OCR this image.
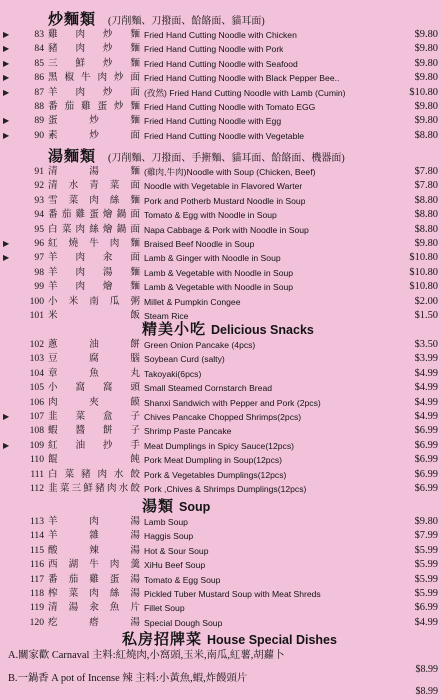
炒麵類 (刀削麵、刀撥面、餄餎面、貓耳面)
▶	83 雞 肉 炒 麵 Fried Hand Cutting Noodle with Chicken	$9.80
▶	84 豬 肉 炒 麵 Fried Hand Cutting Noodle with Pork	$9.80
▶	85 三 鮮 炒 麵 Fried Hand Cutting Noodle with Seafood	$9.80
▶	86 黑椒牛肉炒面 Fried Hand Cutting Noodle with Black Pepper Bee..	$9.80
▶	87 羊 肉 炒 面 (孜然) Fried Hand Cutting Noodle with Lamb (Cumin)	$10.80
88 番茄雞蛋炒麵 Fried Hand Cutting Noodle with Tomato EGG	$9.80
▶	89 蛋 炒 麵 Fried Hand Cutting Noodle with Egg	$9.80
▶	90 素 炒 面 Fried Hand Cutting Noodle with Vegetable	$8.80
湯麵類 (刀削麵、刀撥面、手搟麵、貓耳面、餄餎面、機器面)
91 清 湯 麵 (雞肉,牛肉)Noodle with Soup (Chicken, Beef)	$7.80
92 清水青菜面 Noodle with Vegetable in Flavored Warter	$7.80
93 雪菜肉絲麵 Pork and Potherb Mustard Noodle in Soup	$8.80
94 番茄雞蛋燴鍋面 Tomato & Egg with Noodle in Soup	$8.80
95 白菜肉絲燴鍋面 Napa Cabbage & Pork with Noodle in Soup	$8.80
▶	96 紅燒牛肉麵 Braised Beef Noodle in Soup	$9.80
▶	97 羊 肉 汆 面 Lamb & Ginger with Noodle in Soup	$10.80
98 羊 肉 湯 麵 Lamb & Vegetable with Noodle in Soup	$10.80
99 羊 肉 燴 麵 Lamb & Vegetable with Noodle in Soup	$10.80
100 小米南瓜粥 Millet & Pumpkin Congee	$2.00
101 米 飯 Steam Rice	$1.50
精美小吃 Delicious Snacks
102 蔥 油 餅 Green Onion Pancake (4pcs)	$3.50
103 豆 腐 腦 Soybean Curd (salty)	$3.99
104 章 魚 丸 Takoyaki(6pcs)	$4.99
105 小 窩 窩 頭 Small Steamed Cornstarch Bread	$4.99
106 肉 夾 饃 Shanxi Sandwich with Pepper and Pork (2pcs)	$4.99
▶	107 韭 菜 盒 子 Chives Pancake Chopped Shrimps(2pcs)	$4.99
108 蝦 醬 餅 子 Shrimp Paste Pancake	$6.99
▶	109 紅 油 抄 手 Meat Dumplings in Spicy Sauce(12pcs)	$6.99
110 餛 飩 Pork Meat Dumpling in Soup(12pcs)	$6.99
111 白菜豬肉水餃 Pork & Vegetables Dumplings(12pcs)	$6.99
112 韭菜三鮮豬肉水餃 Pork ,Chives & Shrimps Dumplings(12pcs)	$6.99
湯類 Soup
113 羊 肉 湯 Lamb Soup	$9.80
114 羊 雜 湯 Haggis Soup	$7.99
115 酸 辣 湯 Hot & Sour Soup	$5.99
116 西湖牛肉羹 XiHu Beef Soup	$5.99
117 番茄雞蛋湯 Tomato & Egg Soup	$5.99
118 榨菜肉絲湯 Pickled Tuber Mustard Soup with Meat Shreds	$5.99
119 清 湯 汆 魚 片 Fillet Soup	$6.99
120 疙 瘩 湯 Special Dough Soup	$4.99
私房招牌菜 House Special Dishes
A.關家歡 Carnaval 主料:紅燒肉,小窩頭,玉米,南瓜,紅薯,胡蘿卜
$8.99
B.一鍋香 A pot of Incense 辣 主料:小黃魚,蝦,炸饅頭片
$8.99
